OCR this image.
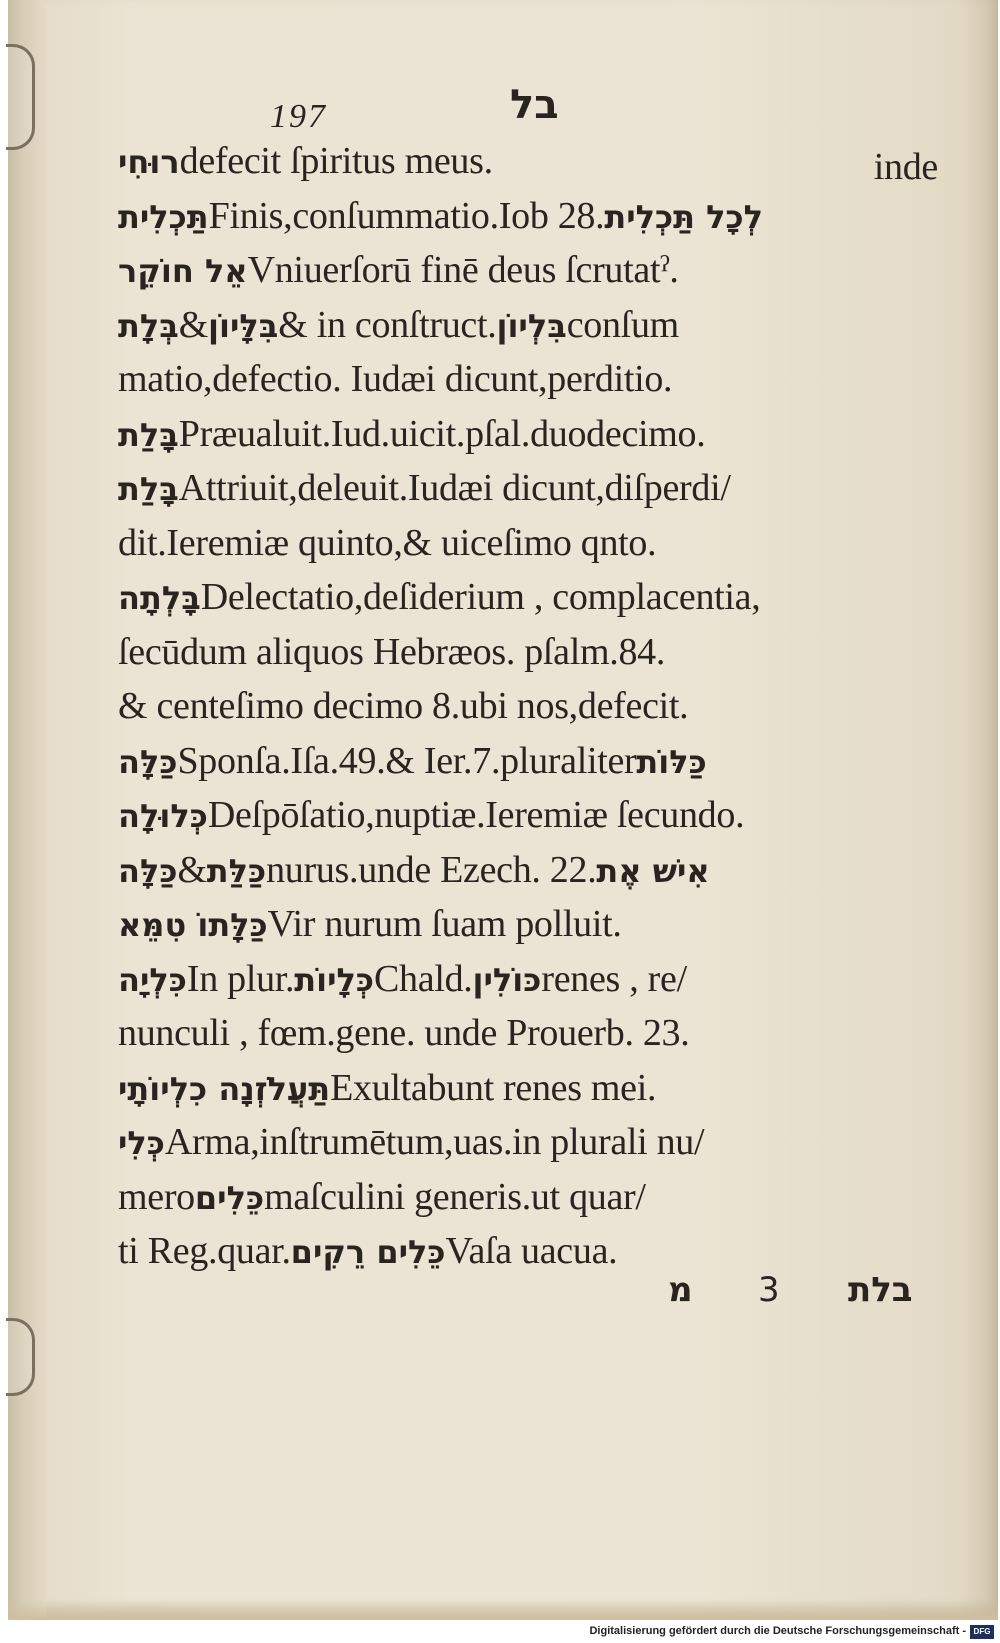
197	בל
inde
רוּחִיdefecit ſpiritus meus.
תַּכְלִיתFinis,conſummatio.Iob 28.לְכָל תַּכְלִית
אֵל חוֹקֵרVniuerſorū finē deus ſcrutatˀ.
בְּלָת&בִּלָּיוֹן& in conſtruct.בִּלְיוֹןconſum
matio,defectio. Iudæi dicunt,perditio.
בָּלַתPræualuit.Iud.uicit.pſal.duodecimo.
בָּלַתAttriuit,deleuit.Iudæi dicunt,diſperdi/
dit.Ieremiæ quinto,& uiceſimo qnto.
בָּלְתָהDelectatio,deſiderium , complacentia,
ſecūdum aliquos Hebræos. pſalm.84.
& centeſimo decimo 8.ubi nos,defecit.
כַּלָּהSponſa.Iſa.49.& Ier.7.pluraliterכַּלּוֹת
כְּלוּלָהDeſpōſatio,nuptiæ.Ieremiæ ſecundo.
כַּלָּה&כַּלַּתnurus.unde Ezech. 22.אִישׁ אֶת
כַּלָּתוֹ טִמֵּאVir nurum ſuam polluit.
כִּלְיָהIn plur.כְּלָיוֹתChald.כּוֹלִיןrenes , re/
nunculi , fœm.gene. unde Prouerb. 23.
תַּעֲלֹזְנָה כִלְיוֹתָיExultabunt renes mei.
כְּלִיArma,inſtrumētum,uas.in plurali nu/
meroכֵּלִיםmaſculini generis.ut quar/
ti Reg.quar.כֵּלִים רֵקִיםVaſa uacua.
מ 3 בלת
Digitalisierung gefördert durch die Deutsche Forschungsgemeinschaft - DFG
